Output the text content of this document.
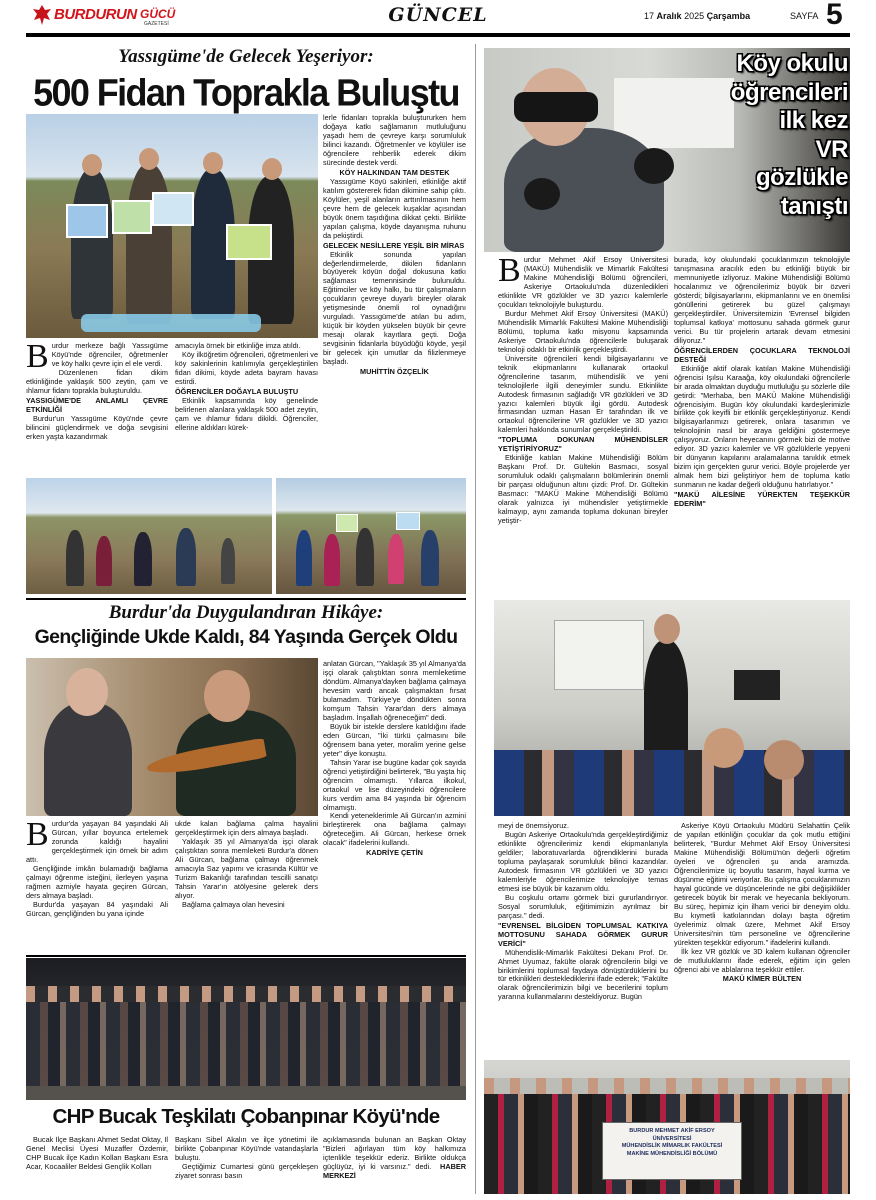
BURDURUN GÜCÜ
GAZETESİ	GÜNCEL	17 Aralık 2025 Çarşamba	SAYFA 5
Yassıgüme'de Gelecek Yeşeriyor:
500 Fidan Toprakla Buluştu

lerle fidanları toprakla buluştururken hem doğaya katkı sağlamanın mutluluğunu yaşadı hem de çevreye karşı sorumluluk bilinci kazandı. Öğretmenler ve köylüler ise öğrencilere rehberlik ederek dikim sürecinde destek verdi.

KÖY HALKINDAN TAM DESTEK

Yassıgüme Köyü sakinleri, etkinliğe aktif katılım göstererek fidan dikimine sahip çıktı. Köylüler, yeşil alanların arttırılmasının hem çevre hem de gelecek kuşaklar açısından büyük önem taşıdığına dikkat çekti. Birlikte yapılan çalışma, köyde dayanışma ruhunu da pekiştirdi.

GELECEK NESİLLERE YEŞİL BİR MİRAS

Etkinlik sonunda yapılan değerlendirmelerde, dikilen fidanların büyüyerek köyün doğal dokusuna katkı sağlaması temennisinde bulunuldu. Eğitimciler ve köy halkı, bu tür çalışmaların çocukların çevreye duyarlı bireyler olarak yetişmesinde önemli rol oynadığını vurguladı. Yassıgüme'de atılan bu adım, küçük bir köyden yükselen büyük bir çevre mesajı olarak kayıtlara geçti. Doğa sevgisinin fidanlarla büyüdüğü köyde, yeşil bir gelecek için umutlar da filizlenmeye başladı.

MUHİTTİN ÖZÇELİK

B urdur merkeze bağlı Yassıgüme Köyü'nde öğrenciler, öğretmenler ve köy halkı çevre için el ele verdi.

Düzenlenen fidan dikim etkinliğinde yaklaşık 500 zeytin, çam ve ıhlamur fidanı toprakla buluşturuldu.

YASSIGÜME'DE ANLAMLI ÇEVRE ETKİNLİĞİ

Burdur'un Yassıgüme Köyü'nde çevre bilincini güçlendirmek ve doğa sevgisini erken yaşta kazandırmak

amacıyla örnek bir etkinliğe imza atıldı.

Köy ilköğretim öğrencileri, öğretmenleri ve köy sakinlerinin katılımıyla gerçekleştirilen fidan dikimi, köyde adeta bayram havası estirdi.

ÖĞRENCİLER DOĞAYLA BULUŞTU

Etkinlik kapsamında köy genelinde belirlenen alanlara yaklaşık 500 adet zeytin, çam ve ıhlamur fidanı dikildi. Öğrenciler, ellerine aldıkları kürek-

Burdur'da Duygulandıran Hikâye:
Gençliğinde Ukde Kaldı, 84 Yaşında Gerçek Oldu

anlatan Gürcan, "Yaklaşık 35 yıl Almanya'da işçi olarak çalıştıktan sonra memleketime döndüm. Almanya'dayken bağlama çalmaya hevesim vardı ancak çalışmaktan fırsat bulamadım. Türkiye'ye döndükten sonra komşum Tahsin Yarar'dan ders almaya başladım. İnşallah öğreneceğim" dedi.

Büyük bir istekle derslere katıldığını ifade eden Gürcan, "İki türkü çalmasını bile öğrensem bana yeter, moralim yerine gelse yeter" diye konuştu.

Tahsin Yarar ise bugüne kadar çok sayıda öğrenci yetiştirdiğini belirterek, "Bu yaşta hiç öğrencim olmamıştı. Yıllarca ilkokul, ortaokul ve lise düzeyindeki öğrencilere kurs verdim ama 84 yaşında bir öğrencim olmamıştı.

Kendi yeteneklerimle Ali Gürcan'ın azmini birleştirerek ona bağlama çalmayı öğreteceğim. Ali Gürcan, herkese örnek olacak" ifadelerini kullandı.

KADRİYE ÇETİN

B urdur'da yaşayan 84 yaşındaki Ali Gürcan, yıllar boyunca ertelemek zorunda kaldığı hayalini gerçekleştirmek için örnek bir adım attı.

Gençliğinde imkân bulamadığı bağlama çalmayı öğrenme isteğini, ilerleyen yaşına rağmen azmiyle hayata geçiren Gürcan, ders almaya başladı.

Burdur'da yaşayan 84 yaşındaki Ali Gürcan, gençliğinden bu yana içinde

ukde kalan bağlama çalma hayalini gerçekleştirmek için ders almaya başladı.

Yaklaşık 35 yıl Almanya'da işçi olarak çalıştıktan sonra memleketi Burdur'a dönen Ali Gürcan, bağlama çalmayı öğrenmek amacıyla Saz yapımı ve icrasında Kültür ve Turizm Bakanlığı tarafından tescilli sanatçı Tahsin Yarar'ın atölyesine gelerek ders alıyor.

Bağlama çalmaya olan hevesini

CHP Bucak Teşkilatı Çobanpınar Köyü'nde

Bucak İlçe Başkanı Ahmet Sedat Oktay, İl Genel Meclisi Üyesi Muzaffer Özdemir, CHP Bucak ilçe Kadın Kolları Başkanı Esra Acar, Kocaaliler Beldesi Gençlik Kolları

Başkanı Sibel Akalın ve ilçe yönetimi ile birlikte Çobanpınar Köyü'nde vatandaşlarla buluştu.

Geçtiğimiz Cumartesi günü gerçekleşen ziyaret sonrası basın

açıklamasında bulunan an Başkan Oktay "Bizleri ağırlayan tüm köy halkımıza içtenlikle teşekkür ederiz. Birlikte oldukça güçlüyüz, iyi ki varsınız." dedi. HABER MERKEZİ
Köy okulu
öğrencileri
ilk kez
VR
gözlükle
tanıştı
B urdur Mehmet Akif Ersoy Üniversitesi (MAKÜ) Mühendislik ve Mimarlık Fakültesi Makine Mühendisliği Bölümü öğrencileri, Askeriye Ortaokulu'nda düzenledikleri etkinlikte VR gözlükler ve 3D yazıcı kalemlerle çocukları teknolojiyle buluşturdu.

Burdur Mehmet Akif Ersoy Üniversitesi (MAKÜ) Mühendislik Mimarlık Fakültesi Makine Mühendisliği Bölümü, topluma katkı misyonu kapsamında Askeriye Ortaokulu'nda öğrencilerle buluşarak teknoloji odaklı bir etkinlik gerçekleştirdi.

Üniversite öğrencileri kendi bilgisayarlarını ve teknik ekipmanlarını kullanarak ortaokul öğrencilerine tasarım, mühendislik ve yeni teknolojilerle ilgili deneyimler sundu. Etkinlikte Autodesk firmasının sağladığı VR gözlükleri ve 3D yazıcı kalemleri büyük ilgi gördü. Autodesk firmasından uzman Hasan Er tarafından ilk ve ortaokul öğrencilerine VR gözlükler ve 3D yazıcı kalemleri hakkında sunumlar gerçekleştirildi.

"TOPLUMA DOKUNAN MÜHENDİSLER YETİŞTİRİYORUZ"

Etkinliğe katılan Makine Mühendisliği Bölüm Başkanı Prof. Dr. Gültekin Basmacı, sosyal sorumluluk odaklı çalışmaların bölümlerinin önemli bir parçası olduğunun altını çizdi: Prof. Dr. Gültekin Basmacı: "MAKÜ Makine Mühendisliği Bölümü olarak yalnızca iyi mühendisler yetiştirmekle kalmayıp, aynı zamanda topluma dokunan bireyler yetiştir-

burada, köy okulundaki çocuklarımızın teknolojiyle tanışmasına aracılık eden bu etkinliği büyük bir memnuniyetle izliyoruz. Makine Mühendisliği Bölümü hocalarımız ve öğrencilerimiz büyük bir özveri gösterdi; bilgisayarlarını, ekipmanlarını ve en önemlisi gönüllerini getirerek bu güzel çalışmayı gerçekleştirdiler. Üniversitemizin 'Evrensel bilgiden toplumsal katkıya' mottosunu sahada görmek gurur verici. Bu tür projelerin artarak devam etmesini diliyoruz."

ÖĞRENCİLERDEN ÇOCUKLARA TEKNOLOJİ DESTEĞİ

Etkinliğe aktif olarak katılan Makine Mühendisliği öğrencisi Işılsu Karaağa, köy okulundaki öğrencilerle bir arada olmaktan duyduğu mutluluğu şu sözlerle dile getirdi: "Merhaba, ben MAKÜ Makine Mühendisliği öğrencisiyim. Bugün köy okulundaki kardeşlerimizle birlikte çok keyifli bir etkinlik gerçekleştiriyoruz. Kendi bilgisayarlarımızı getirerek, onlara tasarımın ve teknolojinin nasıl bir araya geldiğini göstermeye çalışıyoruz. Onların heyecanını görmek bizi de motive ediyor. 3D yazıcı kalemler ve VR gözlüklerle yepyeni bir dünyanın kapılarını aralamalarına tanıklık etmek bizim için gerçekten gurur verici. Böyle projelerde yer almak hem bizi geliştiriyor hem de topluma katkı sunmanın ne kadar değerli olduğunu hatırlatıyor."

"MAKÜ AİLESİNE YÜREKTEN TEŞEKKÜR EDERİM"

meyi de önemsiyoruz.

Bugün Askeriye Ortaokulu'nda gerçekleştirdiğimiz etkinlikte öğrencilerimiz kendi ekipmanlarıyla geldiler; laboratuvarlarda öğrendiklerini burada topluma paylaşarak sorumluluk bilinci kazandılar. Autodesk firmasının VR gözlükleri ve 3D yazıcı kalemleriyle öğrencilerimize teknolojiye temas etmesi ise büyük bir kazanım oldu.

Bu coşkulu ortamı görmek bizi gururlandırıyor. Sosyal sorumluluk, eğitimimizin ayrılmaz bir parçası." dedi.

"EVRENSEL BİLGİDEN TOPLUMSAL KATKIYA MOTTOSUNU SAHADA GÖRMEK GURUR VERİCİ"

Mühendislik-Mimarlık Fakültesi Dekanı Prof. Dr. Ahmet Uyumaz, fakülte olarak öğrencilerin bilgi ve birikimlerini toplumsal faydaya dönüştürdüklerini bu tür etkinlikleri desteklediklerini ifade ederek; "Fakülte olarak öğrencilerimizin bilgi ve becerilerini toplum yararına kullanmalarını destekliyoruz. Bugün

Askeriye Köyü Ortaokulu Müdürü Selahattin Çelik de yapılan etkinliğin çocuklar da çok mutlu ettiğini belirterek, "Burdur Mehmet Akif Ersoy Üniversitesi Makine Mühendisliği Bölümü'nün değerli öğretim üyeleri ve öğrencileri şu anda aramızda. Öğrencilerimize üç boyutlu tasarım, hayal kurma ve düşünme eğitimi veriyorlar. Bu çalışma çocuklarımızın hayal gücünde ve düşüncelerinde ne gibi değişiklikler getirecek büyük bir merak ve heyecanla bekliyorum. Bu süreç, hepimiz için ilham verici bir deneyim oldu. Bu kıymetli katkılarından dolayı başta öğretim üyelerimiz olmak üzere, Mehmet Akif Ersoy Üniversitesi'nin tüm personeline ve öğrencilerine yürekten teşekkür ediyorum." ifadelerini kullandı.

İlk kez VR gözlük ve 3D kalem kullanan öğrenciler de mutluluklarını ifade ederek, eğitim için gelen öğrenci abi ve ablalarına teşekkür ettiler.

MAKÜ KİMER BÜLTEN

BURDUR MEHMET AKİF ERSOY
ÜNİVERSİTESİ
MÜHENDİSLİK MİMARLIK FAKÜLTESİ
MAKİNE MÜHENDİSLİĞİ BÖLÜMÜ
